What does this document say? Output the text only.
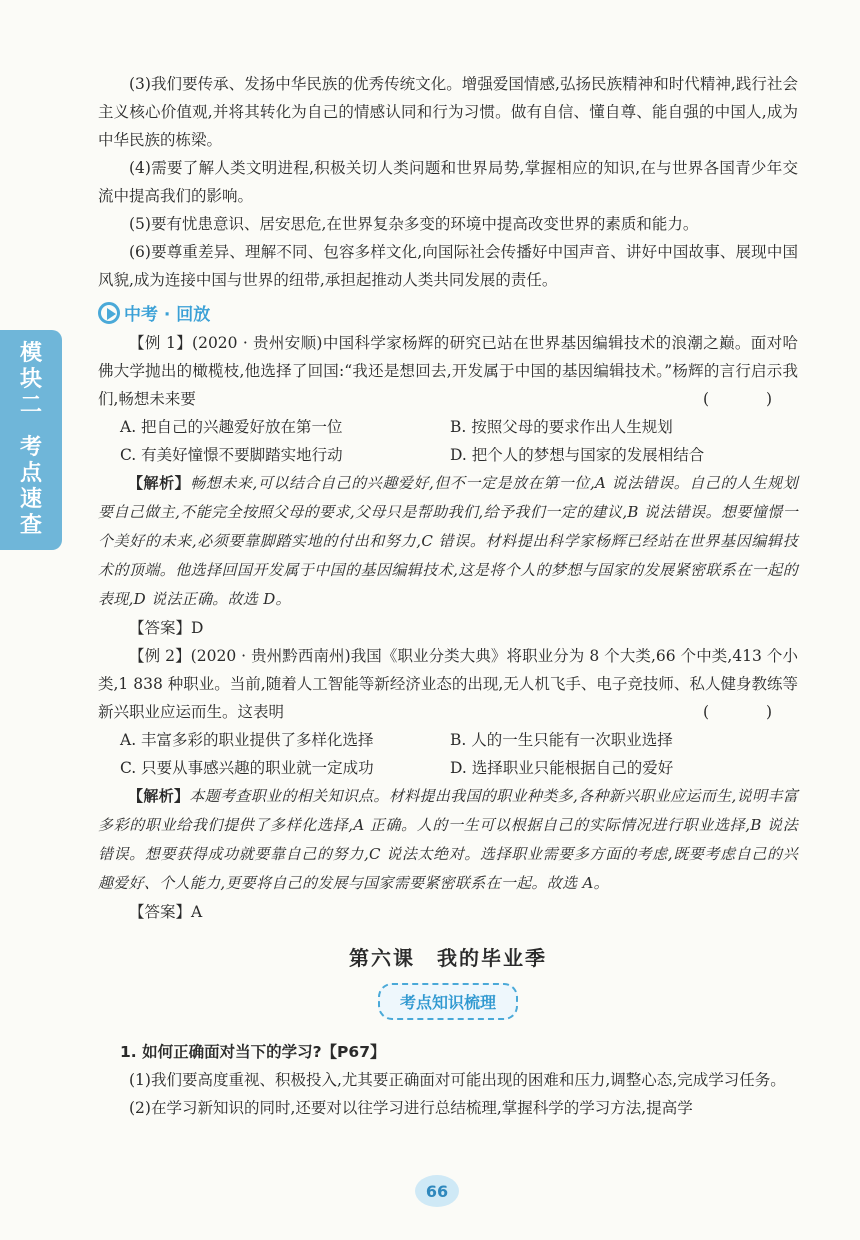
模块二
考点速查

(3)我们要传承、发扬中华民族的优秀传统文化。增强爱国情感,弘扬民族精神和时代精神,践行社会主义核心价值观,并将其转化为自己的情感认同和行为习惯。做有自信、懂自尊、能自强的中国人,成为中华民族的栋梁。

(4)需要了解人类文明进程,积极关切人类问题和世界局势,掌握相应的知识,在与世界各国青少年交流中提高我们的影响。

(5)要有忧患意识、居安思危,在世界复杂多变的环境中提高改变世界的素质和能力。

(6)要尊重差异、理解不同、包容多样文化,向国际社会传播好中国声音、讲好中国故事、展现中国风貌,成为连接中国与世界的纽带,承担起推动人类共同发展的责任。

中考 · 回放

【例 1】(2020 · 贵州安顺)中国科学家杨辉的研究已站在世界基因编辑技术的浪潮之巅。面对哈佛大学抛出的橄榄枝,他选择了回国:“我还是想回去,开发属于中国的基因编辑技术。”杨辉的言行启示我们,畅想未来要	( )

A. 把自己的兴趣爱好放在第一位	B. 按照父母的要求作出人生规划
C. 有美好憧憬不要脚踏实地行动	D. 把个人的梦想与国家的发展相结合

【解析】畅想未来,可以结合自己的兴趣爱好,但不一定是放在第一位,A 说法错误。自己的人生规划要自己做主,不能完全按照父母的要求,父母只是帮助我们,给予我们一定的建议,B 说法错误。想要憧憬一个美好的未来,必须要靠脚踏实地的付出和努力,C 错误。材料提出科学家杨辉已经站在世界基因编辑技术的顶端。他选择回国开发属于中国的基因编辑技术,这是将个人的梦想与国家的发展紧密联系在一起的表现,D 说法正确。故选 D。

【答案】D

【例 2】(2020 · 贵州黔西南州)我国《职业分类大典》将职业分为 8 个大类,66 个中类,413 个小类,1 838 种职业。当前,随着人工智能等新经济业态的出现,无人机飞手、电子竞技师、私人健身教练等新兴职业应运而生。这表明	( )

A. 丰富多彩的职业提供了多样化选择	B. 人的一生只能有一次职业选择
C. 只要从事感兴趣的职业就一定成功	D. 选择职业只能根据自己的爱好

【解析】本题考查职业的相关知识点。材料提出我国的职业种类多,各种新兴职业应运而生,说明丰富多彩的职业给我们提供了多样化选择,A 正确。人的一生可以根据自己的实际情况进行职业选择,B 说法错误。想要获得成功就要靠自己的努力,C 说法太绝对。选择职业需要多方面的考虑,既要考虑自己的兴趣爱好、个人能力,更要将自己的发展与国家需要紧密联系在一起。故选 A。

【答案】A

第六课　我的毕业季
考点知识梳理
1. 如何正确面对当下的学习?【P67】

(1)我们要高度重视、积极投入,尤其要正确面对可能出现的困难和压力,调整心态,完成学习任务。

(2)在学习新知识的同时,还要对以往学习进行总结梳理,掌握科学的学习方法,提高学

66
